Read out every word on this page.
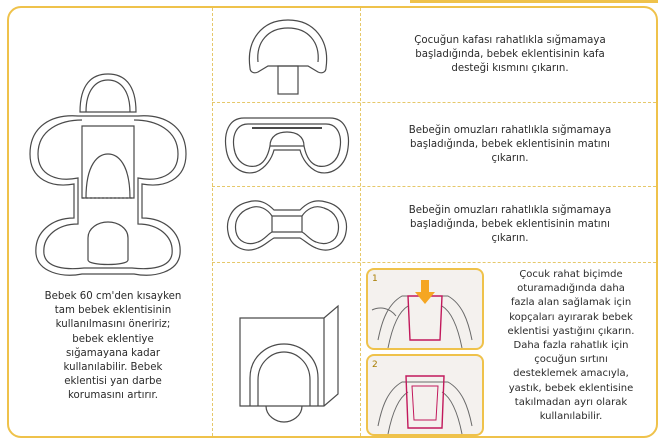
Bebek 60 cm'den kısayken
tam bebek eklentisinin
kullanılmasını öneririz;
bebek eklentiye
sığamayana kadar
kullanılabilir. Bebek
eklentisi yan darbe
korumasını artırır.
Çocuğun kafası rahatlıkla sığmamaya
başladığında, bebek eklentisinin kafa
desteği kısmını çıkarın.
Bebeğin omuzları rahatlıkla sığmamaya
başladığında, bebek eklentisinin matını
çıkarın.
Bebeğin omuzları rahatlıkla sığmamaya
başladığında, bebek eklentisinin matını
çıkarın.
1
2
Çocuk rahat biçimde
oturamadığında daha
fazla alan sağlamak için
kopçaları ayırarak bebek
eklentisi yastığını çıkarın.
Daha fazla rahatlık için
çocuğun sırtını
desteklemek amacıyla,
yastık, bebek eklentisine
takılmadan ayrı olarak
kullanılabilir.
